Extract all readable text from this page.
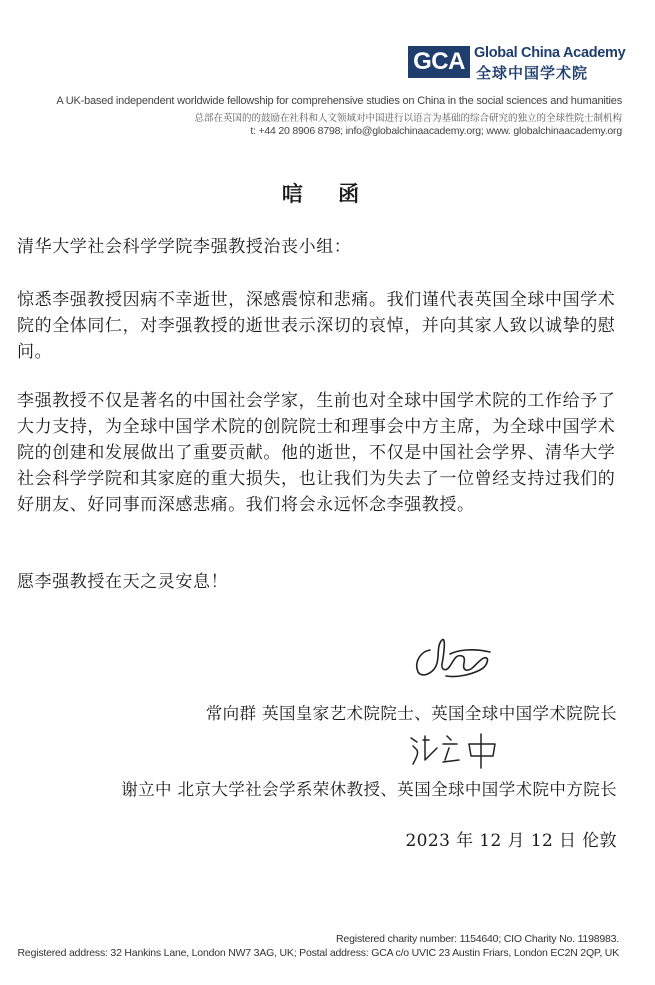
GCA Global China Academy
全球中国学术院
A UK-based independent worldwide fellowship for comprehensive studies on China in the social sciences and humanities
总部在英国的的鼓励在社科和人文领域对中国进行以语言为基础的综合研究的独立的全球性院士制机构
t: +44 20 8906 8798; info@globalchinaacademy.org; www. globalchinaacademy.org
唁 函

清华大学社会科学学院李强教授治丧小组：

惊悉李强教授因病不幸逝世，深感震惊和悲痛。我们谨代表英国全球中国学术院的全体同仁，对李强教授的逝世表示深切的哀悼，并向其家人致以诚挚的慰问。

李强教授不仅是著名的中国社会学家，生前也对全球中国学术院的工作给予了大力支持，为全球中国学术院的创院院士和理事会中方主席，为全球中国学术院的创建和发展做出了重要贡献。他的逝世，不仅是中国社会学界、清华大学社会科学学院和其家庭的重大损失，也让我们为失去了一位曾经支持过我们的好朋友、好同事而深感悲痛。我们将会永远怀念李强教授。

愿李强教授在天之灵安息！

常向群 英国皇家艺术院院士、英国全球中国学术院院长
谢立中 北京大学社会学系荣休教授、英国全球中国学术院中方院长
2023 年 12 月 12 日 伦敦
Registered charity number: 1154640; CIO Charity No. 1198983.
Registered address: 32 Hankins Lane, London NW7 3AG, UK; Postal address: GCA c/o UVIC 23 Austin Friars, London EC2N 2QP, UK
